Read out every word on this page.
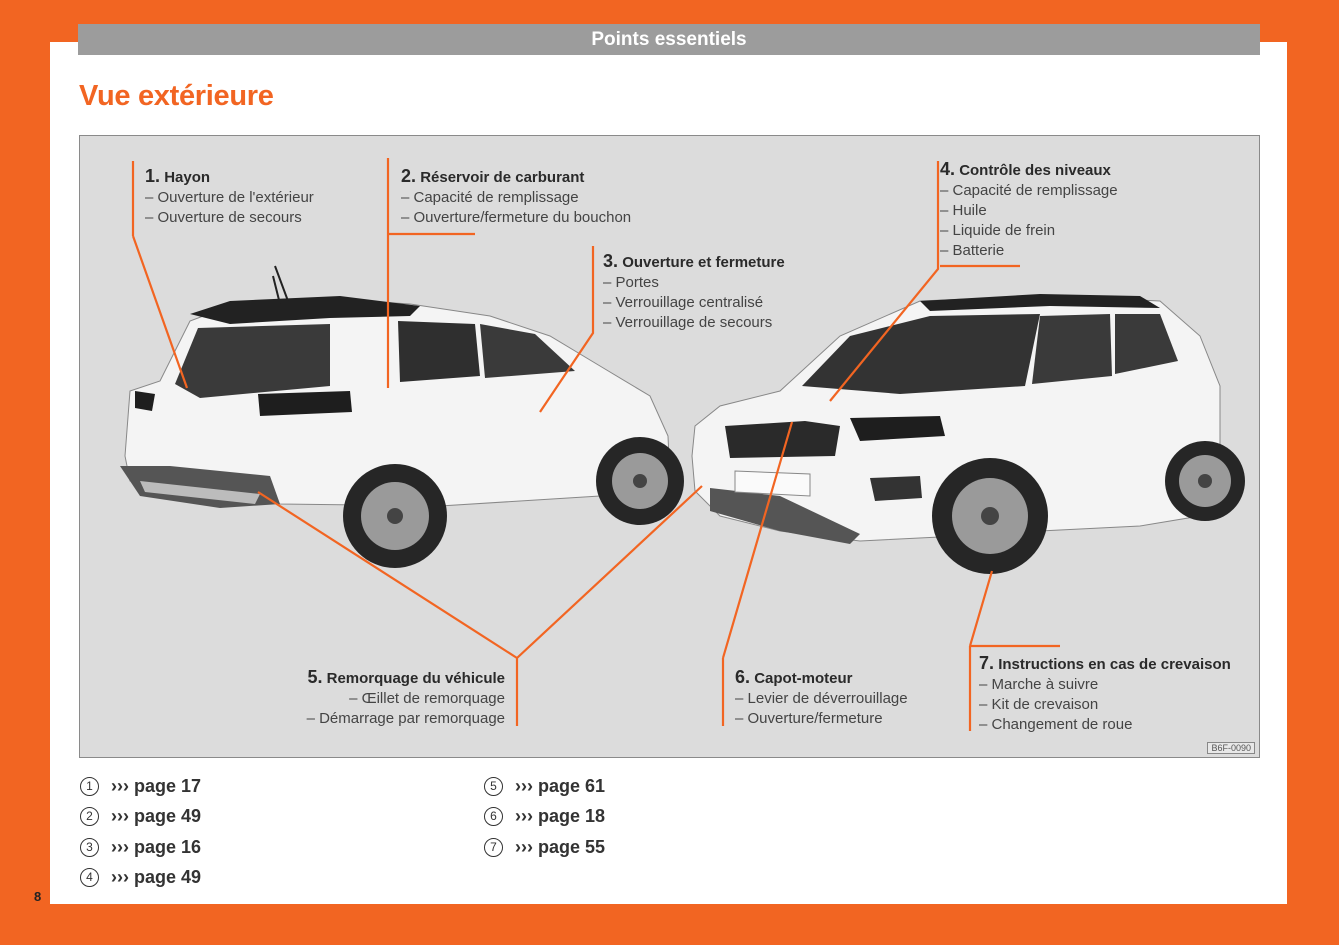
Points essentiels
Vue extérieure
1. Hayon
– Ouverture de l'extérieur
– Ouverture de secours
2. Réservoir de carburant
– Capacité de remplissage
– Ouverture/fermeture du bouchon
3. Ouverture et fermeture
– Portes
– Verrouillage centralisé
– Verrouillage de secours
4. Contrôle des niveaux
– Capacité de remplissage
– Huile
– Liquide de frein
– Batterie
5. Remorquage du véhicule
– Œillet de remorquage
– Démarrage par remorquage
6. Capot-moteur
– Levier de déverrouillage
– Ouverture/fermeture
7. Instructions en cas de crevaison
– Marche à suivre
– Kit de crevaison
– Changement de roue
B6F-0090
1	››› page 17
2	››› page 49
3	››› page 16
4	››› page 49
5	››› page 61
6	››› page 18
7	››› page 55
8
